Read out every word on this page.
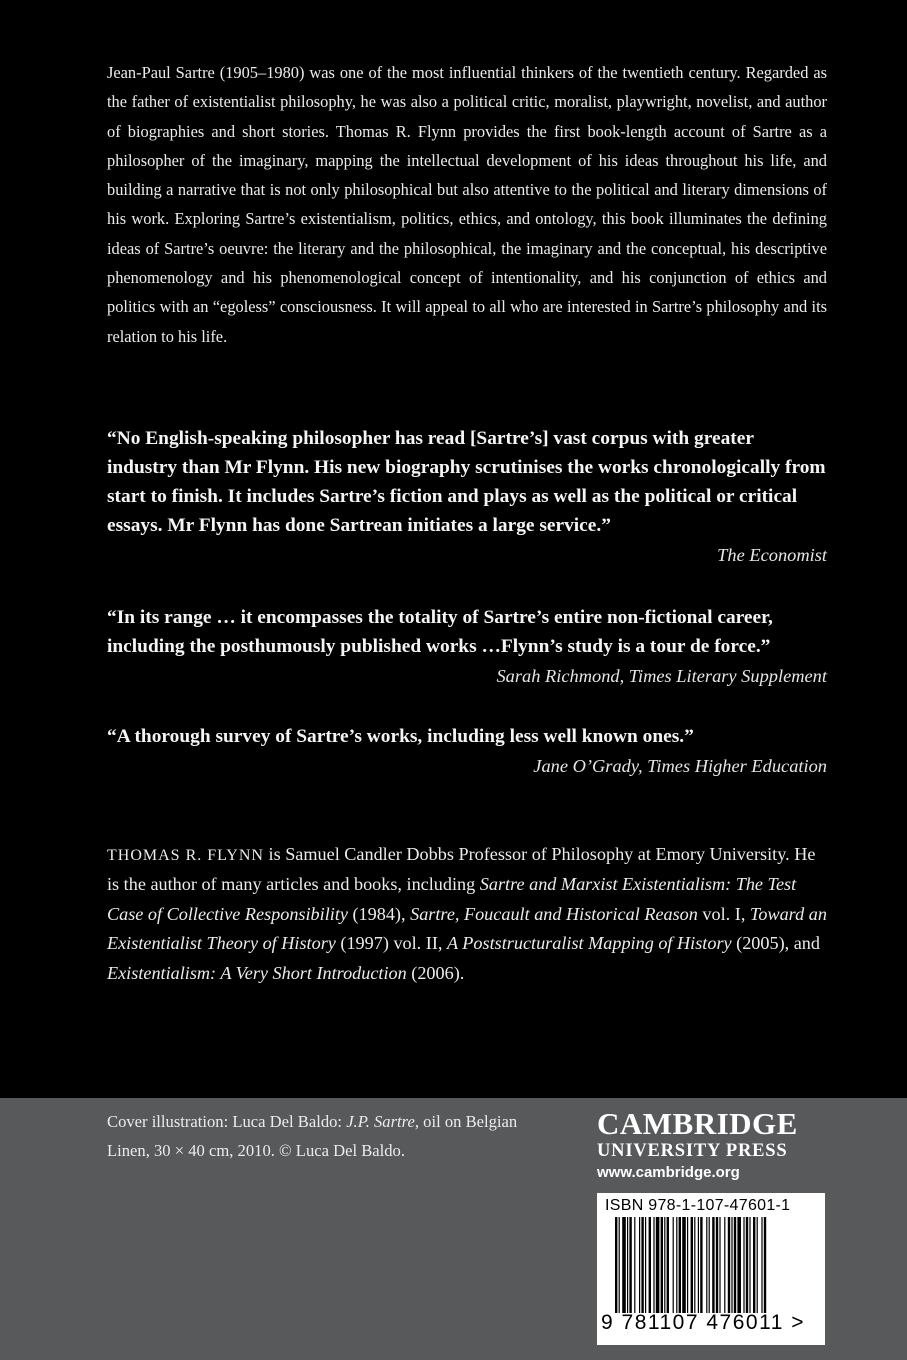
Jean-Paul Sartre (1905–1980) was one of the most influential thinkers of the twentieth century. Regarded as the father of existentialist philosophy, he was also a political critic, moralist, playwright, novelist, and author of biographies and short stories. Thomas R. Flynn provides the first book-length account of Sartre as a philosopher of the imaginary, mapping the intellectual development of his ideas throughout his life, and building a narrative that is not only philosophical but also attentive to the political and literary dimensions of his work. Exploring Sartre’s existentialism, politics, ethics, and ontology, this book illuminates the defining ideas of Sartre’s oeuvre: the literary and the philosophical, the imaginary and the conceptual, his descriptive phenomenology and his phenomenological concept of intentionality, and his conjunction of ethics and politics with an “egoless” consciousness. It will appeal to all who are interested in Sartre’s philosophy and its relation to his life.
“No English-speaking philosopher has read [Sartre’s] vast corpus with greater industry than Mr Flynn. His new biography scrutinises the works chronologically from start to finish. It includes Sartre’s fiction and plays as well as the political or critical essays. Mr Flynn has done Sartrean initiates a large service.”
The Economist
“In its range … it encompasses the totality of Sartre’s entire non-fictional career, including the posthumously published works …Flynn’s study is a tour de force.”
Sarah Richmond, Times Literary Supplement
“A thorough survey of Sartre’s works, including less well known ones.”
Jane O’Grady, Times Higher Education
THOMAS R. FLYNN is Samuel Candler Dobbs Professor of Philosophy at Emory University. He is the author of many articles and books, including Sartre and Marxist Existentialism: The Test Case of Collective Responsibility (1984), Sartre, Foucault and Historical Reason vol. I, Toward an Existentialist Theory of History (1997) vol. II, A Poststructuralist Mapping of History (2005), and Existentialism: A Very Short Introduction (2006).
Cover illustration: Luca Del Baldo: J.P. Sartre, oil on Belgian Linen, 30 × 40 cm, 2010. © Luca Del Baldo.
CAMBRIDGE
UNIVERSITY PRESS
www.cambridge.org
ISBN 978-1-107-47601-1
9 781107 476011 >
